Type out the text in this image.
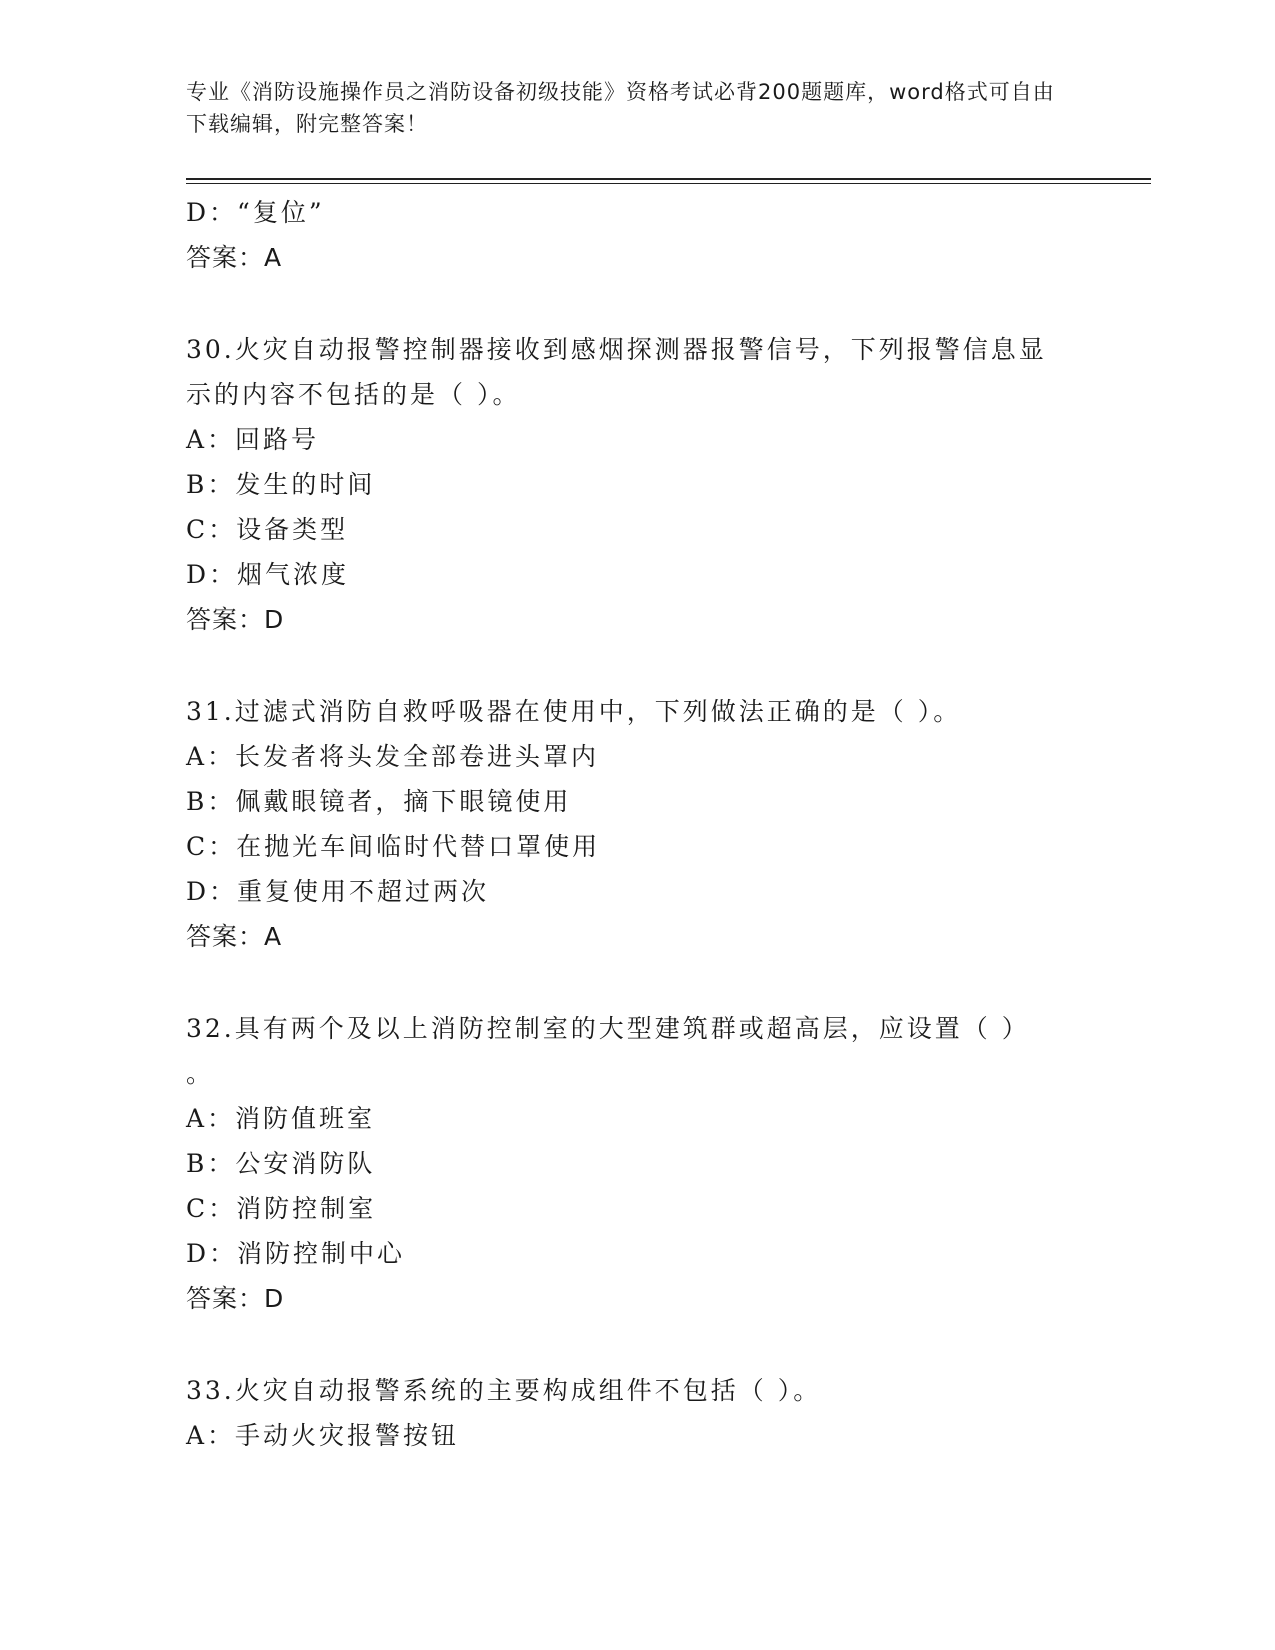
专业《消防设施操作员之消防设备初级技能》资格考试必背200题题库，word格式可自由下载编辑，附完整答案！
D：“复位”
答案：A
30.火灾自动报警控制器接收到感烟探测器报警信号，下列报警信息显
示的内容不包括的是（ ）。
A：回路号
B：发生的时间
C：设备类型
D：烟气浓度
答案：D
31.过滤式消防自救呼吸器在使用中，下列做法正确的是（ ）。
A：长发者将头发全部卷进头罩内
B：佩戴眼镜者，摘下眼镜使用
C：在抛光车间临时代替口罩使用
D：重复使用不超过两次
答案：A
32.具有两个及以上消防控制室的大型建筑群或超高层，应设置（ ）
。
A：消防值班室
B：公安消防队
C：消防控制室
D：消防控制中心
答案：D
33.火灾自动报警系统的主要构成组件不包括（ ）。
A：手动火灾报警按钮
